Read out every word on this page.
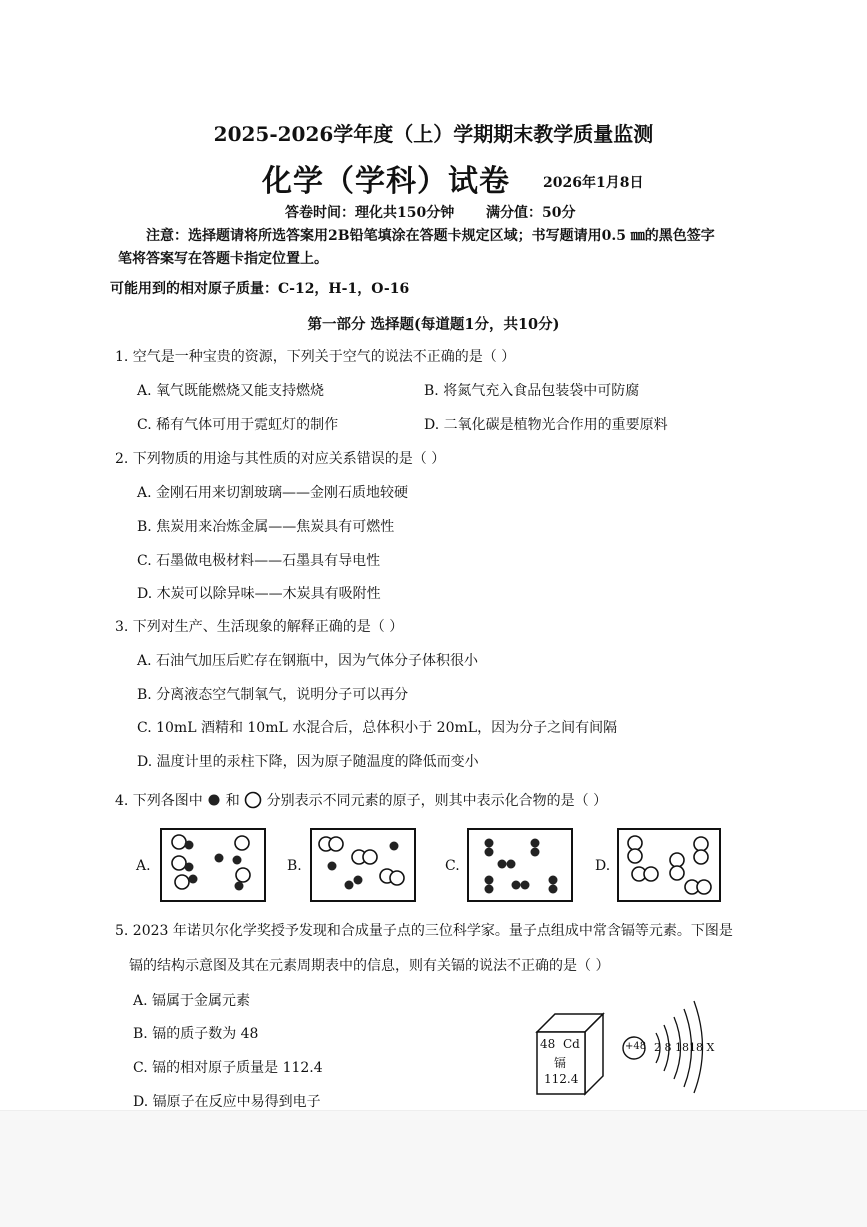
2025-2026学年度（上）学期期末教学质量监测
化学（学科）试卷 2026年1月8日
答卷时间：理化共150分钟 满分值：50分
注意：选择题请将所选答案用2B铅笔填涂在答题卡规定区域；书写题请用0.5 ㎜的黑色签字
笔将答案写在答题卡指定位置上。
可能用到的相对原子质量：C-12，H-1，O-16
第一部分 选择题(每道题1分，共10分)
1. 空气是一种宝贵的资源，下列关于空气的说法不正确的是（ ）
A. 氧气既能燃烧又能支持燃烧	B. 将氮气充入食品包装袋中可防腐
C. 稀有气体可用于霓虹灯的制作	D. 二氧化碳是植物光合作用的重要原料
2. 下列物质的用途与其性质的对应关系错误的是（ ）
A. 金刚石用来切割玻璃——金刚石质地较硬
B. 焦炭用来冶炼金属——焦炭具有可燃性
C. 石墨做电极材料——石墨具有导电性
D. 木炭可以除异味——木炭具有吸附性
3. 下列对生产、生活现象的解释正确的是（ ）
A. 石油气加压后贮存在钢瓶中，因为气体分子体积很小
B. 分离液态空气制氧气，说明分子可以再分
C. 10mL 酒精和 10mL 水混合后，总体积小于 20mL，因为分子之间有间隔
D. 温度计里的汞柱下降，因为原子随温度的降低而变小
4. 下列各图中 和 分别表示不同元素的原子，则其中表示化合物的是（ ）
A.	B.	C.	D.
5. 2023 年诺贝尔化学奖授予发现和合成量子点的三位科学家。量子点组成中常含镉等元素。下图是
镉的结构示意图及其在元素周期表中的信息，则有关镉的说法不正确的是（ ）
A. 镉属于金属元素
B. 镉的质子数为 48
C. 镉的相对原子质量是 112.4
D. 镉原子在反应中易得到电子
48 Cd
镉
112.4
+48 2 8 1818 X
